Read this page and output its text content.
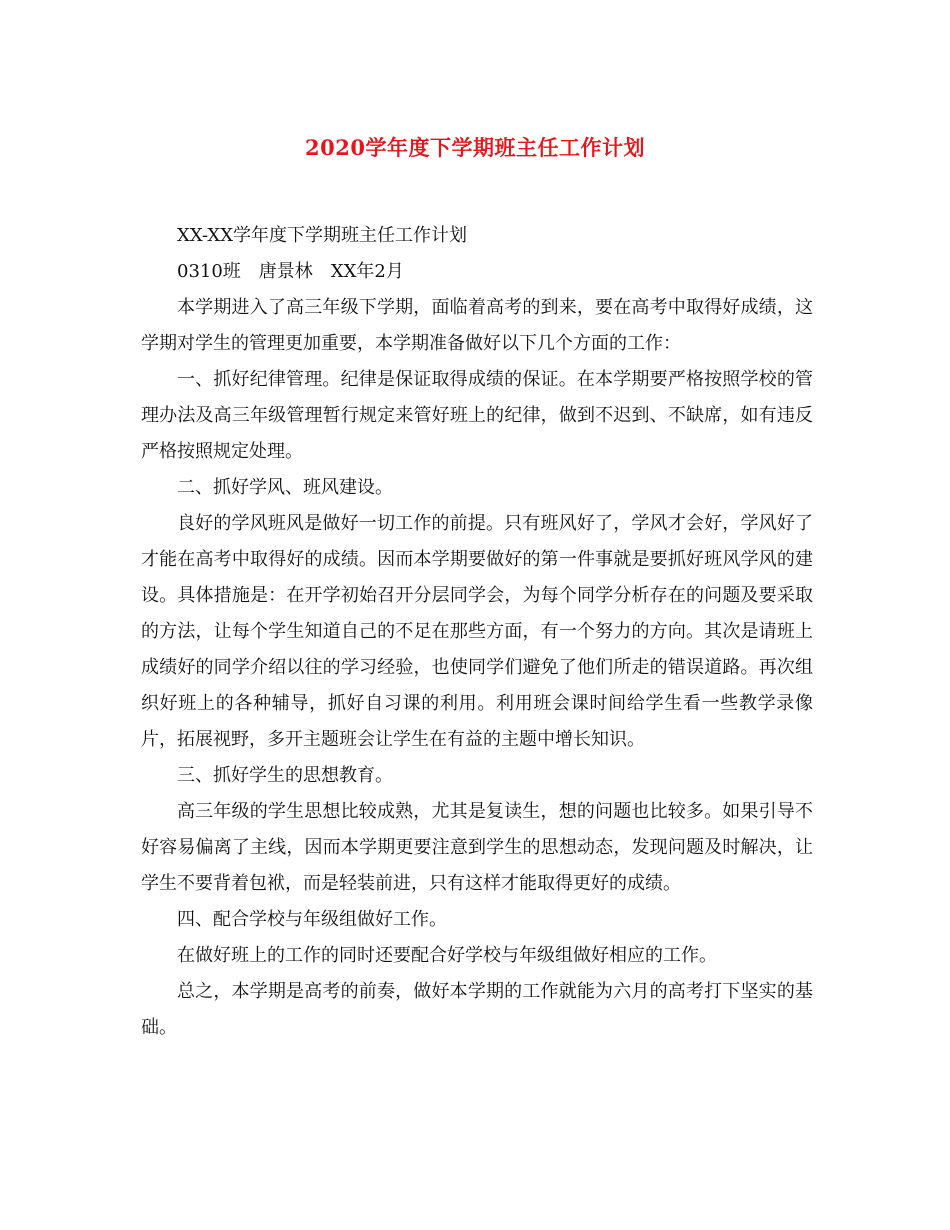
2020学年度下学期班主任工作计划

XX-XX学年度下学期班主任工作计划

0310班　唐景林　XX年2月

本学期进入了高三年级下学期，面临着高考的到来，要在高考中取得好成绩，这学期对学生的管理更加重要，本学期准备做好以下几个方面的工作：

一、抓好纪律管理。纪律是保证取得成绩的保证。在本学期要严格按照学校的管理办法及高三年级管理暂行规定来管好班上的纪律，做到不迟到、不缺席，如有违反严格按照规定处理。

二、抓好学风、班风建设。

良好的学风班风是做好一切工作的前提。只有班风好了，学风才会好，学风好了才能在高考中取得好的成绩。因而本学期要做好的第一件事就是要抓好班风学风的建设。具体措施是：在开学初始召开分层同学会，为每个同学分析存在的问题及要采取的方法，让每个学生知道自己的不足在那些方面，有一个努力的方向。其次是请班上成绩好的同学介绍以往的学习经验，也使同学们避免了他们所走的错误道路。再次组织好班上的各种辅导，抓好自习课的利用。利用班会课时间给学生看一些教学录像片，拓展视野，多开主题班会让学生在有益的主题中增长知识。

三、抓好学生的思想教育。

高三年级的学生思想比较成熟，尤其是复读生，想的问题也比较多。如果引导不好容易偏离了主线，因而本学期更要注意到学生的思想动态，发现问题及时解决，让学生不要背着包袱，而是轻装前进，只有这样才能取得更好的成绩。

四、配合学校与年级组做好工作。

在做好班上的工作的同时还要配合好学校与年级组做好相应的工作。

总之，本学期是高考的前奏，做好本学期的工作就能为六月的高考打下坚实的基础。
